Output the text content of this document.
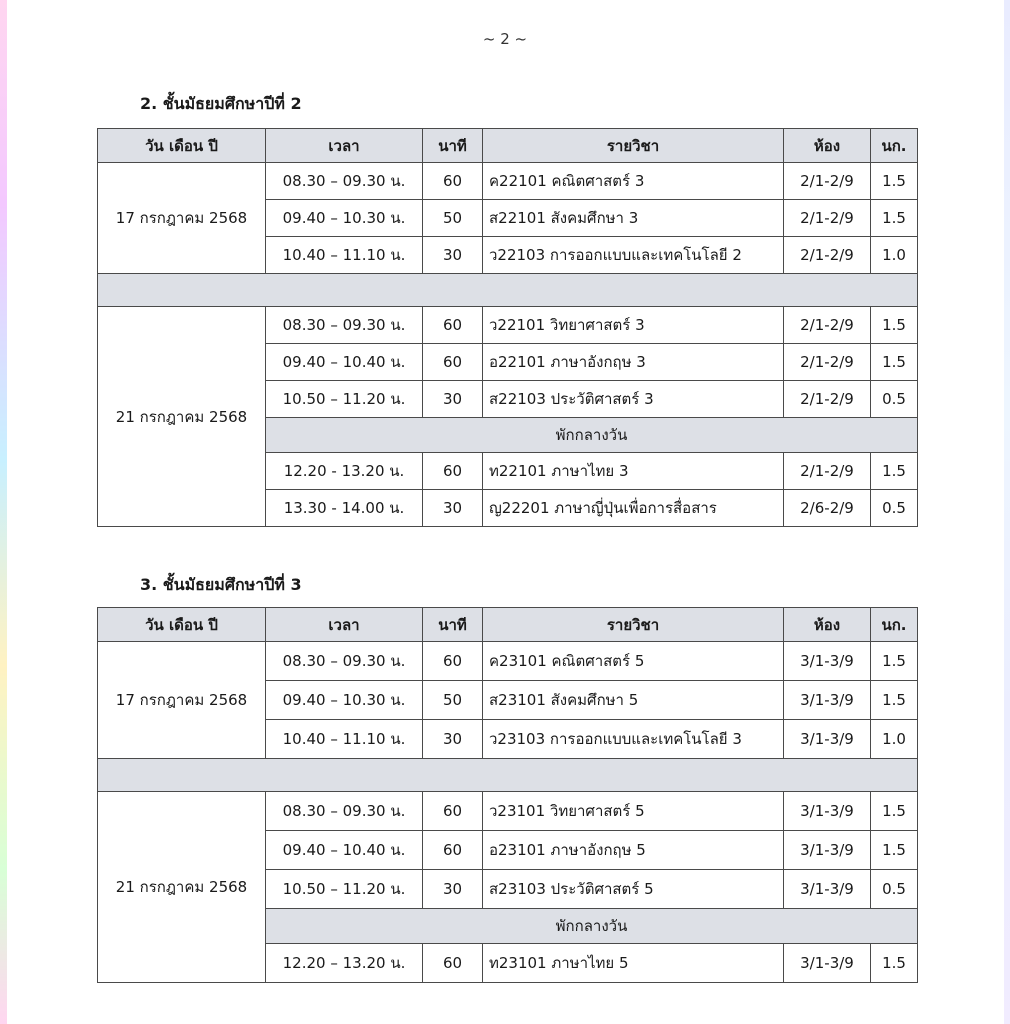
~ 2 ~
2. ชั้นมัธยมศึกษาปีที่ 2
วัน เดือน ปี	เวลา	นาที	รายวิชา	ห้อง	นก.
17 กรกฎาคม 2568	08.30 – 09.30 น.	60	ค22101 คณิตศาสตร์ 3	2/1-2/9	1.5
	09.40 – 10.30 น.	50	ส22101 สังคมศึกษา 3	2/1-2/9	1.5
	10.40 – 11.10 น.	30	ว22103 การออกแบบและเทคโนโลยี 2	2/1-2/9	1.0

21 กรกฎาคม 2568	08.30 – 09.30 น.	60	ว22101 วิทยาศาสตร์ 3	2/1-2/9	1.5
	09.40 – 10.40 น.	60	อ22101 ภาษาอังกฤษ 3	2/1-2/9	1.5
	10.50 – 11.20 น.	30	ส22103 ประวัติศาสตร์ 3	2/1-2/9	0.5
	พักกลางวัน				
	12.20 - 13.20 น.	60	ท22101 ภาษาไทย 3	2/1-2/9	1.5
	13.30 - 14.00 น.	30	ญ22201 ภาษาญี่ปุ่นเพื่อการสื่อสาร	2/6-2/9	0.5
3. ชั้นมัธยมศึกษาปีที่ 3
วัน เดือน ปี	เวลา	นาที	รายวิชา	ห้อง	นก.
17 กรกฎาคม 2568	08.30 – 09.30 น.	60	ค23101 คณิตศาสตร์ 5	3/1-3/9	1.5
	09.40 – 10.30 น.	50	ส23101 สังคมศึกษา 5	3/1-3/9	1.5
	10.40 – 11.10 น.	30	ว23103 การออกแบบและเทคโนโลยี 3	3/1-3/9	1.0

21 กรกฎาคม 2568	08.30 – 09.30 น.	60	ว23101 วิทยาศาสตร์ 5	3/1-3/9	1.5
	09.40 – 10.40 น.	60	อ23101 ภาษาอังกฤษ 5	3/1-3/9	1.5
	10.50 – 11.20 น.	30	ส23103 ประวัติศาสตร์ 5	3/1-3/9	0.5
	พักกลางวัน				
	12.20 – 13.20 น.	60	ท23101 ภาษาไทย 5	3/1-3/9	1.5
